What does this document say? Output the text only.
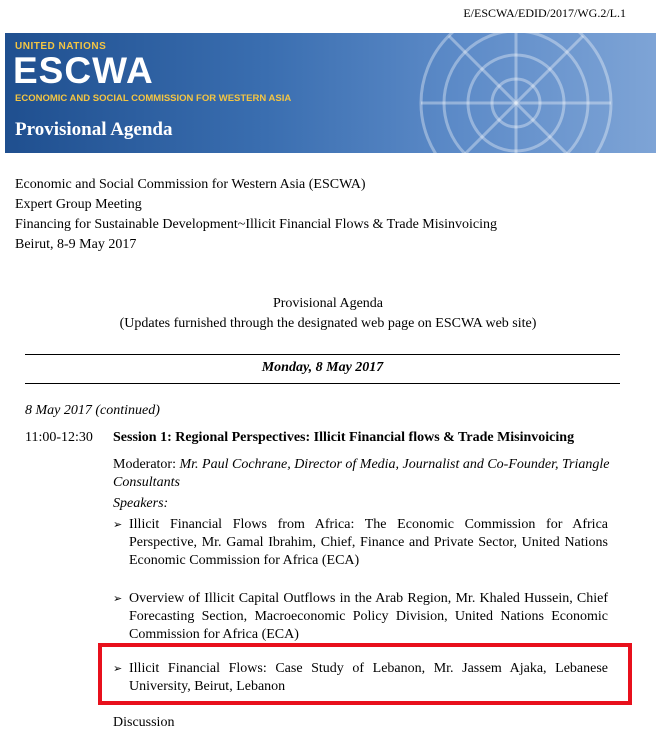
E/ESCWA/EDID/2017/WG.2/L.1
UNITED NATIONS
ESCWA
ECONOMIC AND SOCIAL COMMISSION FOR WESTERN ASIA
Provisional Agenda
Economic and Social Commission for Western Asia (ESCWA)
Expert Group Meeting
Financing for Sustainable Development~Illicit Financial Flows & Trade Misinvoicing
Beirut, 8-9 May 2017
Provisional Agenda
(Updates furnished through the designated web page on ESCWA web site)
Monday, 8 May 2017
8 May 2017 (continued)
11:00-12:30 Session 1: Regional Perspectives: Illicit Financial flows & Trade Misinvoicing
Moderator: Mr. Paul Cochrane, Director of Media, Journalist and Co-Founder, Triangle Consultants
Speakers:
➢ Illicit Financial Flows from Africa: The Economic Commission for Africa Perspective, Mr. Gamal Ibrahim, Chief, Finance and Private Sector, United Nations Economic Commission for Africa (ECA)
➢ Overview of Illicit Capital Outflows in the Arab Region, Mr. Khaled Hussein, Chief Forecasting Section, Macroeconomic Policy Division, United Nations Economic Commission for Africa (ECA)
➢ Illicit Financial Flows: Case Study of Lebanon, Mr. Jassem Ajaka, Lebanese University, Beirut, Lebanon
Discussion
